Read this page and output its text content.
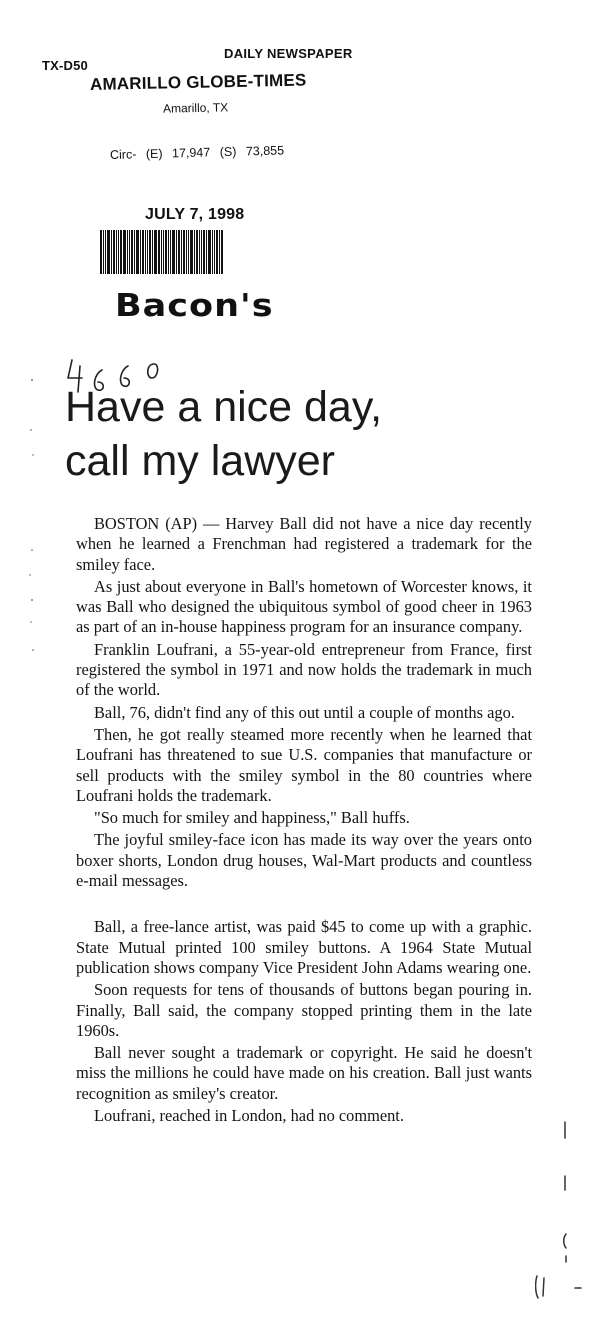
TX-D50
DAILY NEWSPAPER
AMARILLO GLOBE-TIMES
Amarillo, TX
Circ- (E) 17,947 (S) 73,855
JULY 7, 1998
Bacon's
Have a nice day,
call my lawyer

BOSTON (AP) — Harvey Ball did not have a nice day recently when he learned a Frenchman had registered a trademark for the smiley face.

As just about everyone in Ball's hometown of Worcester knows, it was Ball who designed the ubiquitous symbol of good cheer in 1963 as part of an in-house happiness program for an insurance company.

Franklin Loufrani, a 55-year-old entrepreneur from France, first registered the symbol in 1971 and now holds the trademark in much of the world.

Ball, 76, didn't find any of this out until a couple of months ago.

Then, he got really steamed more recently when he learned that Loufrani has threatened to sue U.S. companies that manufacture or sell products with the smiley symbol in the 80 countries where Loufrani holds the trademark.

"So much for smiley and happiness," Ball huffs.

The joyful smiley-face icon has made its way over the years onto boxer shorts, London drug houses, Wal-Mart products and countless e-mail messages.

Ball, a free-lance artist, was paid $45 to come up with a graphic. State Mutual printed 100 smiley buttons. A 1964 State Mutual publication shows company Vice President John Adams wearing one.

Soon requests for tens of thousands of buttons began pouring in. Finally, Ball said, the company stopped printing them in the late 1960s.

Ball never sought a trademark or copyright. He said he doesn't miss the millions he could have made on his creation. Ball just wants recognition as smiley's creator.

Loufrani, reached in London, had no comment.
